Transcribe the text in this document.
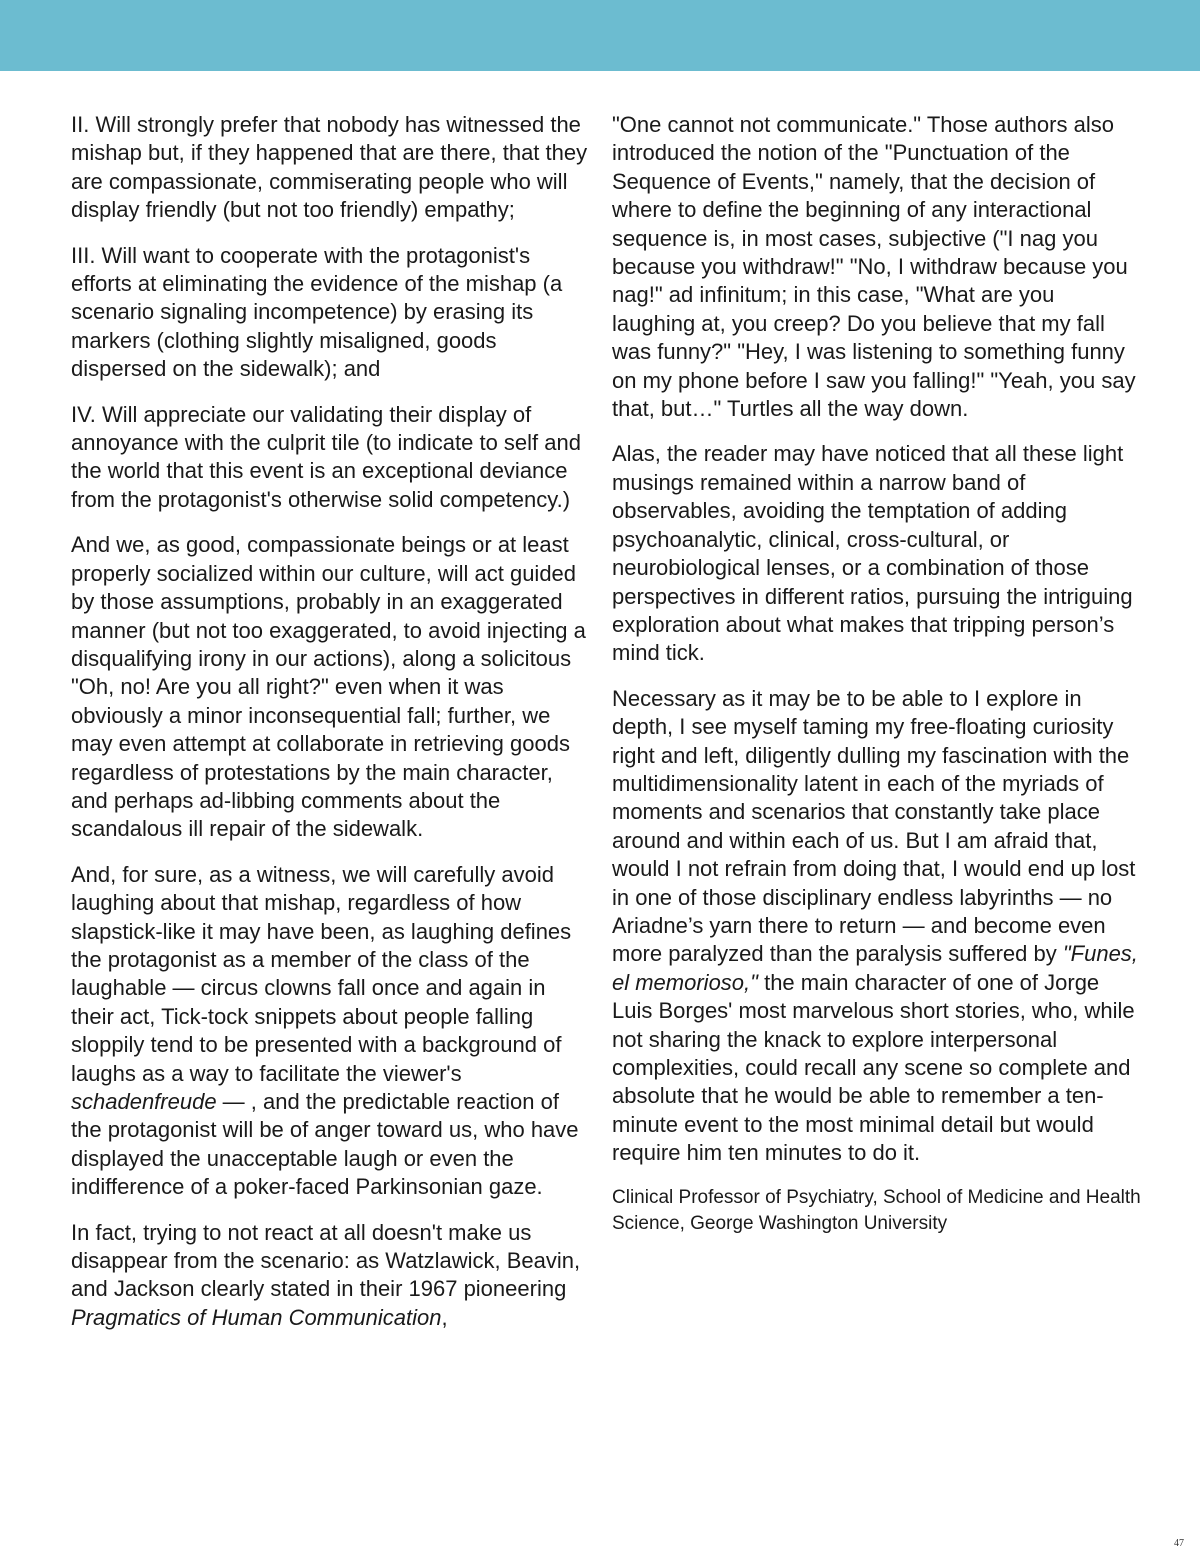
II. Will strongly prefer that nobody has witnessed the mishap but, if they happened that are there, that they are compassionate, commiserating people who will display friendly (but not too friendly) empathy;

III. Will want to cooperate with the protagonist's efforts at eliminating the evidence of the mishap (a scenario signaling incompetence) by erasing its markers (clothing slightly misaligned, goods dispersed on the sidewalk); and

IV. Will appreciate our validating their display of annoyance with the culprit tile (to indicate to self and the world that this event is an exceptional deviance from the protagonist's otherwise solid competency.)

And we, as good, compassionate beings or at least properly socialized within our culture, will act guided by those assumptions, probably in an exaggerated manner (but not too exaggerated, to avoid injecting a disqualifying irony in our actions), along a solicitous "Oh, no! Are you all right?" even when it was obviously a minor inconsequential fall; further, we may even attempt at collaborate in retrieving goods regardless of protestations by the main character, and perhaps ad-libbing comments about the scandalous ill repair of the sidewalk.

And, for sure, as a witness, we will carefully avoid laughing about that mishap, regardless of how slapstick-like it may have been, as laughing defines the protagonist as a member of the class of the laughable — circus clowns fall once and again in their act, Tick-tock snippets about people falling sloppily tend to be presented with a background of laughs as a way to facilitate the viewer's schadenfreude — , and the predictable reaction of the protagonist will be of anger toward us, who have displayed the unacceptable laugh or even the indifference of a poker-faced Parkinsonian gaze.

In fact, trying to not react at all doesn't make us disappear from the scenario: as Watzlawick, Beavin, and Jackson clearly stated in their 1967 pioneering Pragmatics of Human Communication,

"One cannot not communicate." Those authors also introduced the notion of the "Punctuation of the Sequence of Events," namely, that the decision of where to define the beginning of any interactional sequence is, in most cases, subjective ("I nag you because you withdraw!" "No, I withdraw because you nag!" ad infinitum; in this case, "What are you laughing at, you creep? Do you believe that my fall was funny?" "Hey, I was listening to something funny on my phone before I saw you falling!" "Yeah, you say that, but…" Turtles all the way down.

Alas, the reader may have noticed that all these light musings remained within a narrow band of observables, avoiding the temptation of adding psychoanalytic, clinical, cross-cultural, or neurobiological lenses, or a combination of those perspectives in different ratios, pursuing the intriguing exploration about what makes that tripping person’s mind tick.

Necessary as it may be to be able to I explore in depth, I see myself taming my free-floating curiosity right and left, diligently dulling my fascination with the multidimensionality latent in each of the myriads of moments and scenarios that constantly take place around and within each of us. But I am afraid that, would I not refrain from doing that, I would end up lost in one of those disciplinary endless labyrinths — no Ariadne’s yarn there to return — and become even more paralyzed than the paralysis suffered by "Funes, el memorioso," the main character of one of Jorge Luis Borges' most marvelous short stories, who, while not sharing the knack to explore interpersonal complexities, could recall any scene so complete and absolute that he would be able to remember a ten-minute event to the most minimal detail but would require him ten minutes to do it.

Clinical Professor of Psychiatry, School of Medicine and Health Science, George Washington University

47
